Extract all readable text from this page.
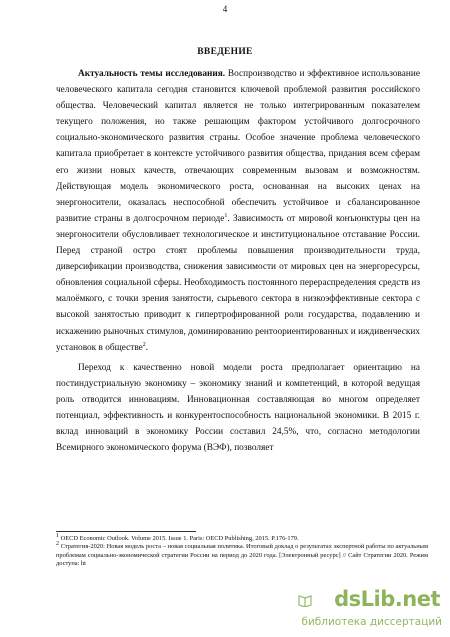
4
ВВЕДЕНИЕ

Актуальность темы исследования. Воспроизводство и эффективное использование человеческого капитала сегодня становится ключевой проблемой развития российского общества. Человеческий капитал является не только интегрированным показателем текущего положения, но также решающим фактором устойчивого долгосрочного социально-экономического развития страны. Особое значение проблема человеческого капитала приобретает в контексте устойчивого развития общества, придания всем сферам его жизни новых качеств, отвечающих современным вызовам и возможностям. Действующая модель экономического роста, основанная на высоких ценах на энергоносители, оказалась неспособной обеспечить устойчивое и сбалансированное развитие страны в долгосрочном периоде$^1$. Зависимость от мировой конъюнктуры цен на энергоносители обусловливает технологическое и институциональное отставание России. Перед страной остро стоят проблемы повышения производительности труда, диверсификации производства, снижения зависимости от мировых цен на энергоресурсы, обновления социальной сферы. Необходимость постоянного перераспределения средств из малоёмкого, с точки зрения занятости, сырьевого сектора в низкоэффективные сектора с высокой занятостью приводит к гипертрофированной роли государства, подавлению и искажению рыночных стимулов, доминированию рентоориентированных и иждивенческих установок в обществе$^2$.

Переход к качественно новой модели роста предполагает ориентацию на постиндустриальную экономику – экономику знаний и компетенций, в которой ведущая роль отводится инновациям. Инновационная составляющая во многом определяет потенциал, эффективность и конкурентоспособность национальной экономики. В 2015 г. вклад инноваций в экономику России составил 24,5%, что, согласно методологии Всемирного экономического форума (ВЭФ), позволяет

$^1$ OECD Economic Outlook. Volume 2015. Issue 1. Paris: OECD Publishing, 2015. P.176-179.
$^2$ Стратегия-2020: Новая модель роста – новая социальная политика. Итоговый доклад о результатах экспертной работы по актуальным проблемам социально-экономической стратегии России на период до 2020 года. [Электронный ресурс] // Сайт Стратегии 2020. Режим доступа: ht
dsLib.net
библиотека диссертаций
